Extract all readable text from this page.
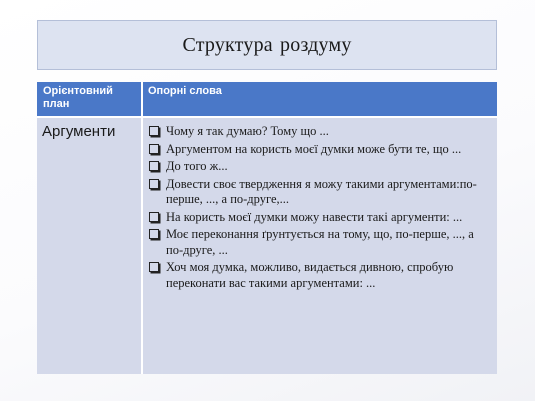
Структура роздуму
Орієнтовний план
Опорні слова
Аргументи	Чому я так думаю? Тому що ...
Аргументом на користь моєї думки може бути те, що ...
До того ж...
Довести своє твердження я можу такими аргументами:по-перше, ..., а по-друге,...
На користь моєї думки можу навести такі аргументи: ...
Моє переконання ґрунтується на тому, що, по-перше, ..., а по-друге, ...
Хоч моя думка, можливо, видається дивною, спробую переконати вас такими аргументами: ...
